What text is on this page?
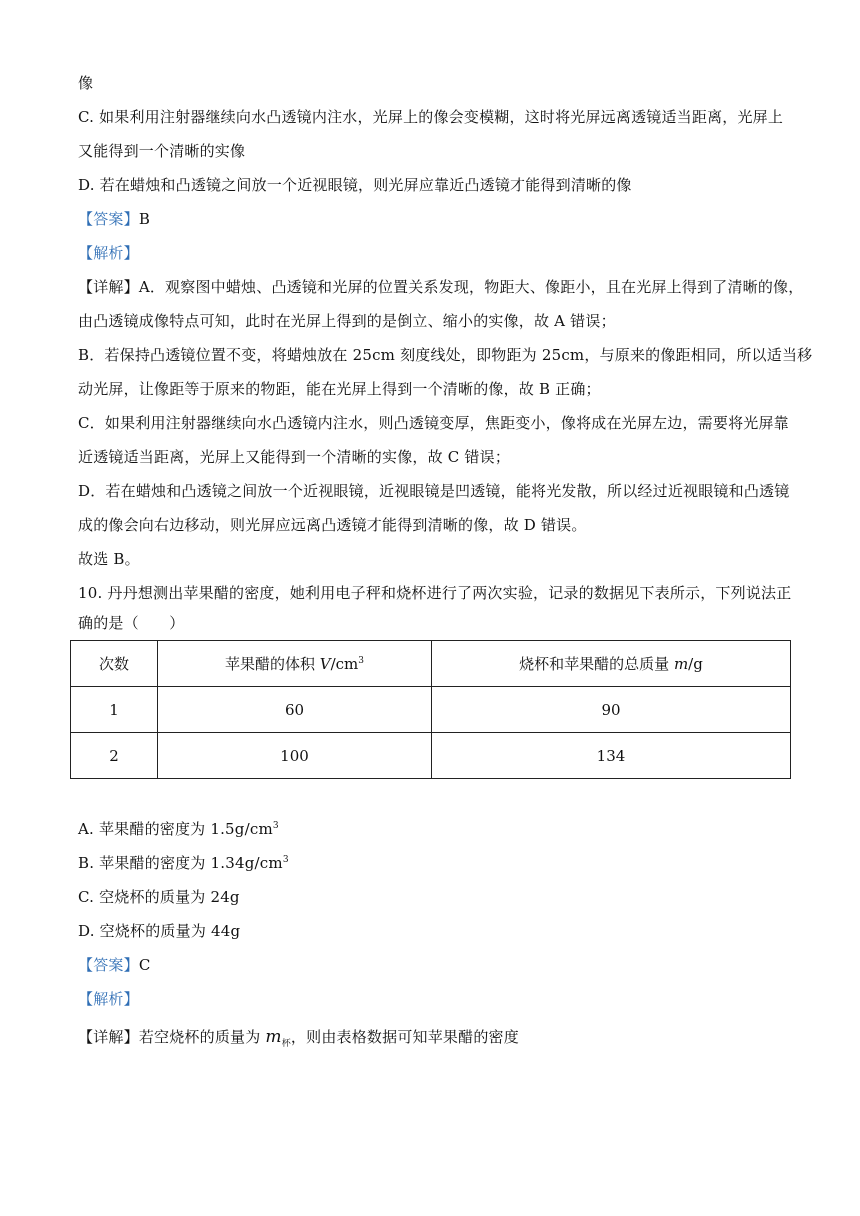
像
C. 如果利用注射器继续向水凸透镜内注水，光屏上的像会变模糊，这时将光屏远离透镜适当距离，光屏上
又能得到一个清晰的实像
D. 若在蜡烛和凸透镜之间放一个近视眼镜，则光屏应靠近凸透镜才能得到清晰的像
【答案】B
【解析】
【详解】A．观察图中蜡烛、凸透镜和光屏的位置关系发现，物距大、像距小，且在光屏上得到了清晰的像，
由凸透镜成像特点可知，此时在光屏上得到的是倒立、缩小的实像，故 A 错误；
B．若保持凸透镜位置不变，将蜡烛放在 25cm 刻度线处，即物距为 25cm，与原来的像距相同，所以适当移
动光屏，让像距等于原来的物距，能在光屏上得到一个清晰的像，故 B 正确；
C．如果利用注射器继续向水凸透镜内注水，则凸透镜变厚，焦距变小，像将成在光屏左边，需要将光屏靠
近透镜适当距离，光屏上又能得到一个清晰的实像，故 C 错误；
D．若在蜡烛和凸透镜之间放一个近视眼镜，近视眼镜是凹透镜，能将光发散，所以经过近视眼镜和凸透镜
成的像会向右边移动，则光屏应远离凸透镜才能得到清晰的像，故 D 错误。
故选 B。
10. 丹丹想测出苹果醋的密度，她利用电子秤和烧杯进行了两次实验，记录的数据见下表所示，下列说法正
确的是（　　）
次数	苹果醋的体积 $V/cm^3$	烧杯和苹果醋的总质量 m/g
1	60	90
2	100	134
A. 苹果醋的密度为 $1.5g/cm^3$
B. 苹果醋的密度为 $1.34g/cm^3$
C. 空烧杯的质量为 24g
D. 空烧杯的质量为 44g
【答案】C
【解析】
【详解】若空烧杯的质量为 $m_杯$，则由表格数据可知苹果醋的密度
